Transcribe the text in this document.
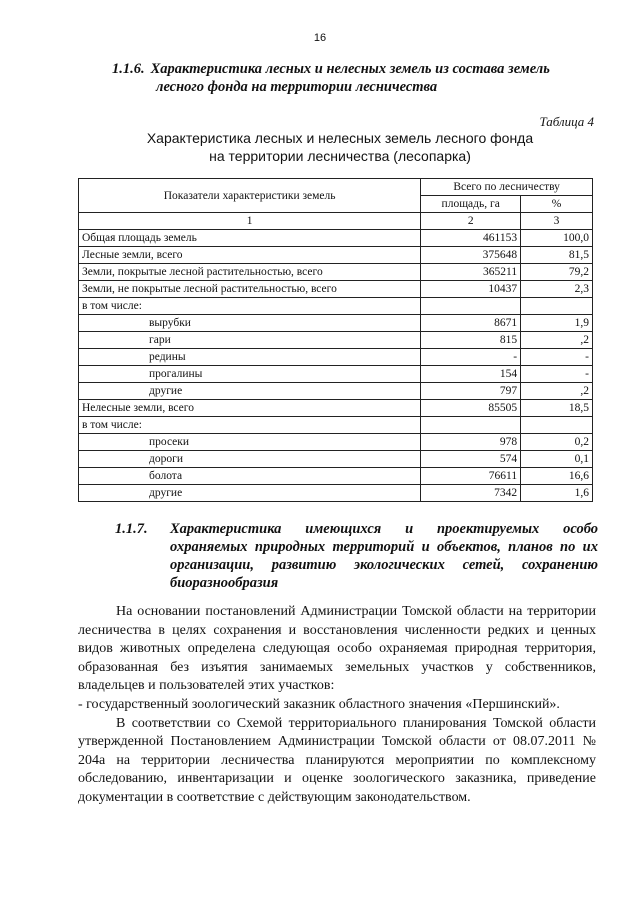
16
1.1.6. Характеристика лесных и нелесных земель из состава земель
лесного фонда на территории лесничества
Таблица 4
Характеристика лесных и нелесных земель лесного фонда
на территории лесничества (лесопарка)
Показатели характеристики земель	Всего по лесничеству	
	площадь, га	%
1	2	3
Общая площадь земель	461153	100,0
Лесные земли, всего	375648	81,5
Земли, покрытые лесной растительностью, всего	365211	79,2
Земли, не покрытые лесной растительностью, всего	10437	2,3
в том числе:		
вырубки	8671	1,9
гари	815	,2
редины	-	-
прогалины	154	-
другие	797	,2
Нелесные земли, всего	85505	18,5
в том числе:		
просеки	978	0,2
дороги	574	0,1
болота	76611	16,6
другие	7342	1,6
1.1.7.	Характеристика имеющихся и проектируемых особо охраняемых природных территорий и объектов, планов по их организации, развитию экологических сетей, сохранению биоразнообразия

На основании постановлений Администрации Томской области на территории лесничества в целях сохранения и восстановления численности редких и ценных видов животных определена следующая особо охраняемая природная территория, образованная без изъятия занимаемых земельных участков у собственников, владельцев и пользователей этих участков:

- государственный зоологический заказник областного значения «Першинский».

В соответствии со Схемой территориального планирования Томской области утвержденной Постановлением Администрации Томской области от 08.07.2011 № 204а на территории лесничества планируются мероприятии по комплексному обследованию, инвентаризации и оценке зоологического заказника, приведение документации в соответствие с действующим законодательством.
